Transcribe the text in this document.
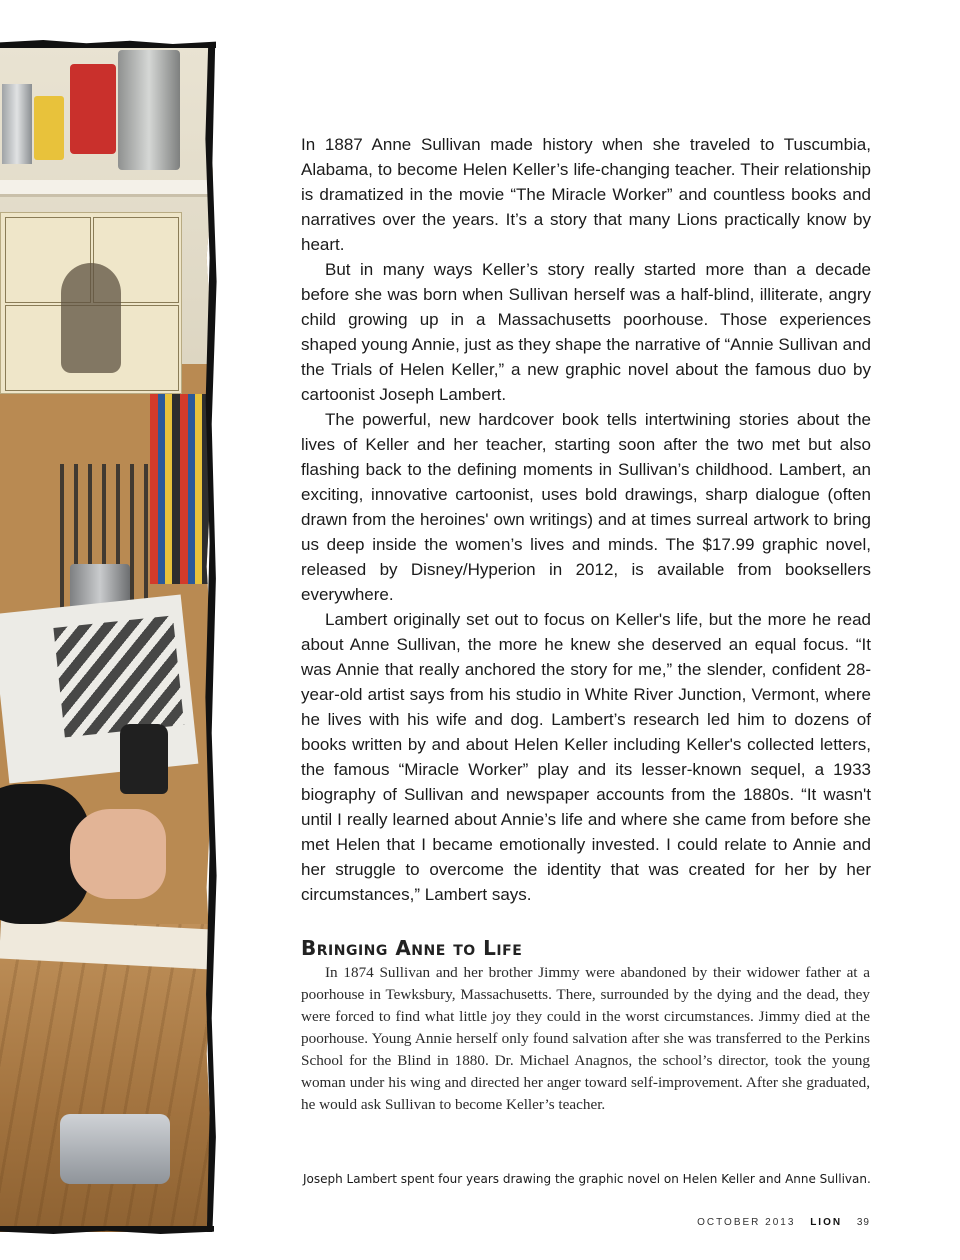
In 1887 Anne Sullivan made history when she traveled to Tuscumbia, Alabama, to become Helen Keller’s life-changing teacher. Their relationship is dramatized in the movie “The Miracle Worker” and countless books and narratives over the years. It’s a story that many Lions practically know by heart.

But in many ways Keller’s story really started more than a decade before she was born when Sullivan herself was a half-blind, illiterate, angry child growing up in a Massachusetts poorhouse. Those experiences shaped young Annie, just as they shape the narrative of “Annie Sullivan and the Trials of Helen Keller,” a new graphic novel about the famous duo by cartoonist Joseph Lambert.

The powerful, new hardcover book tells intertwining stories about the lives of Keller and her teacher, starting soon after the two met but also flashing back to the defining moments in Sullivan’s childhood. Lambert, an exciting, innovative cartoonist, uses bold drawings, sharp dialogue (often drawn from the heroines' own writings) and at times surreal artwork to bring us deep inside the women’s lives and minds. The $17.99 graphic novel, released by Disney/Hyperion in 2012, is available from booksellers everywhere.

Lambert originally set out to focus on Keller's life, but the more he read about Anne Sullivan, the more he knew she deserved an equal focus. “It was Annie that really anchored the story for me,” the slender, confident 28-year-old artist says from his studio in White River Junction, Vermont, where he lives with his wife and dog. Lambert’s research led him to dozens of books written by and about Helen Keller including Keller's collected letters, the famous “Miracle Worker” play and its lesser-known sequel, a 1933 biography of Sullivan and newspaper accounts from the 1880s. “It wasn't until I really learned about Annie’s life and where she came from before she met Helen that I became emotionally invested. I could relate to Annie and her struggle to overcome the identity that was created for her by her circumstances,” Lambert says.

Bringing Anne to Life

In 1874 Sullivan and her brother Jimmy were abandoned by their widower father at a poorhouse in Tewksbury, Massachusetts. There, surrounded by the dying and the dead, they were forced to find what little joy they could in the worst circumstances. Jimmy died at the poorhouse. Young Annie herself only found salvation after she was transferred to the Perkins School for the Blind in 1880. Dr. Michael Anagnos, the school’s director, took the young woman under his wing and directed her anger toward self-improvement. After she graduated, he would ask Sullivan to become Keller’s teacher.

Joseph Lambert spent four years drawing the graphic novel on Helen Keller and Anne Sullivan.
OCTOBER 2013 LION 39
